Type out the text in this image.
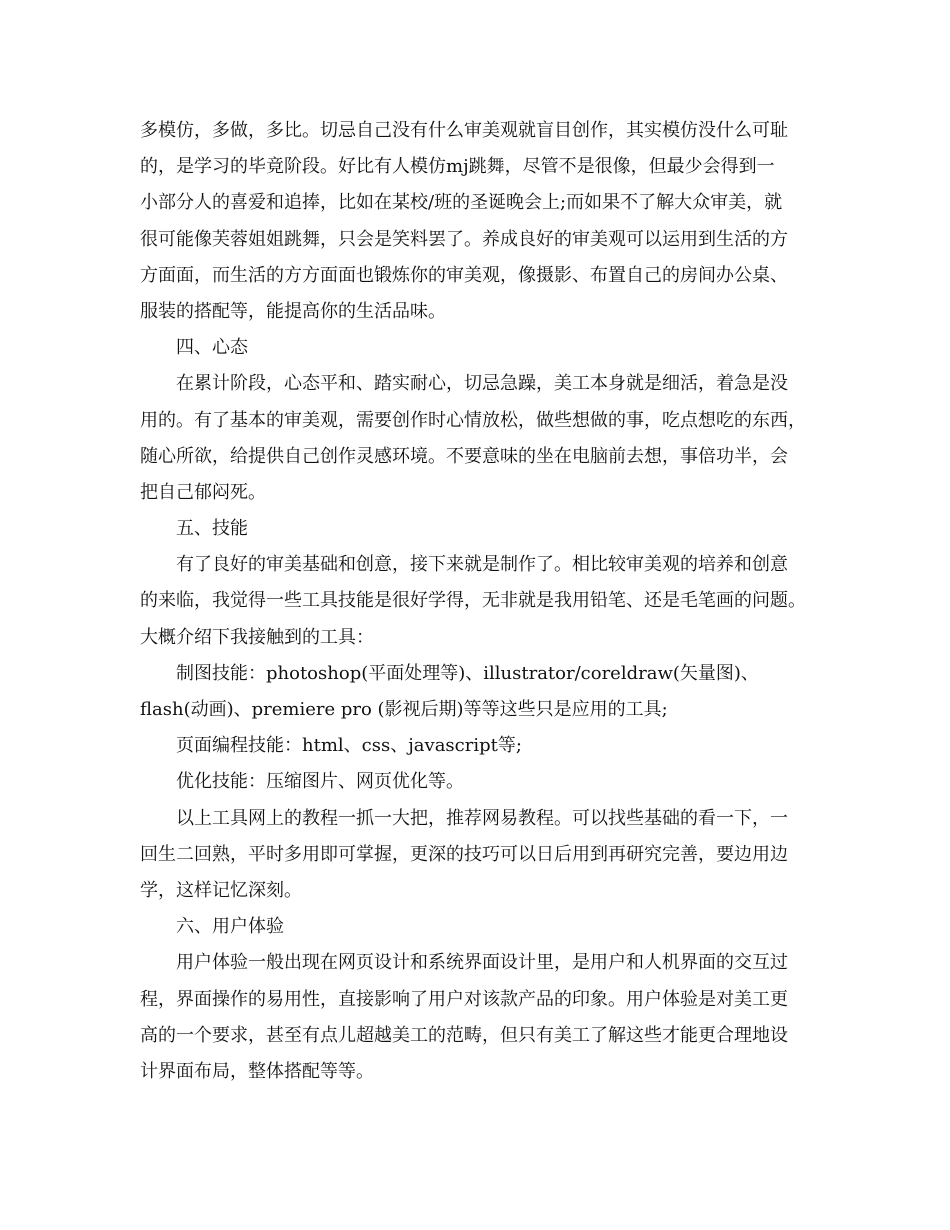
多模仿，多做，多比。切忌自己没有什么审美观就盲目创作，其实模仿没什么可耻
的，是学习的毕竟阶段。好比有人模仿mj跳舞，尽管不是很像，但最少会得到一
小部分人的喜爱和追捧，比如在某校/班的圣诞晚会上;而如果不了解大众审美，就
很可能像芙蓉姐姐跳舞，只会是笑料罢了。养成良好的审美观可以运用到生活的方
方面面，而生活的方方面面也锻炼你的审美观，像摄影、布置自己的房间办公桌、
服装的搭配等，能提高你的生活品味。
四、心态
在累计阶段，心态平和、踏实耐心，切忌急躁，美工本身就是细活，着急是没
用的。有了基本的审美观，需要创作时心情放松，做些想做的事，吃点想吃的东西，
随心所欲，给提供自己创作灵感环境。不要意味的坐在电脑前去想，事倍功半，会
把自己郁闷死。
五、技能
有了良好的审美基础和创意，接下来就是制作了。相比较审美观的培养和创意
的来临，我觉得一些工具技能是很好学得，无非就是我用铅笔、还是毛笔画的问题。
大概介绍下我接触到的工具：
制图技能：photoshop(平面处理等)、illustrator/coreldraw(矢量图)、
flash(动画)、premiere pro (影视后期)等等这些只是应用的工具;
页面编程技能：html、css、javascript等;
优化技能：压缩图片、网页优化等。
以上工具网上的教程一抓一大把，推荐网易教程。可以找些基础的看一下，一
回生二回熟，平时多用即可掌握，更深的技巧可以日后用到再研究完善，要边用边
学，这样记忆深刻。
六、用户体验
用户体验一般出现在网页设计和系统界面设计里，是用户和人机界面的交互过
程，界面操作的易用性，直接影响了用户对该款产品的印象。用户体验是对美工更
高的一个要求，甚至有点儿超越美工的范畴，但只有美工了解这些才能更合理地设
计界面布局，整体搭配等等。
